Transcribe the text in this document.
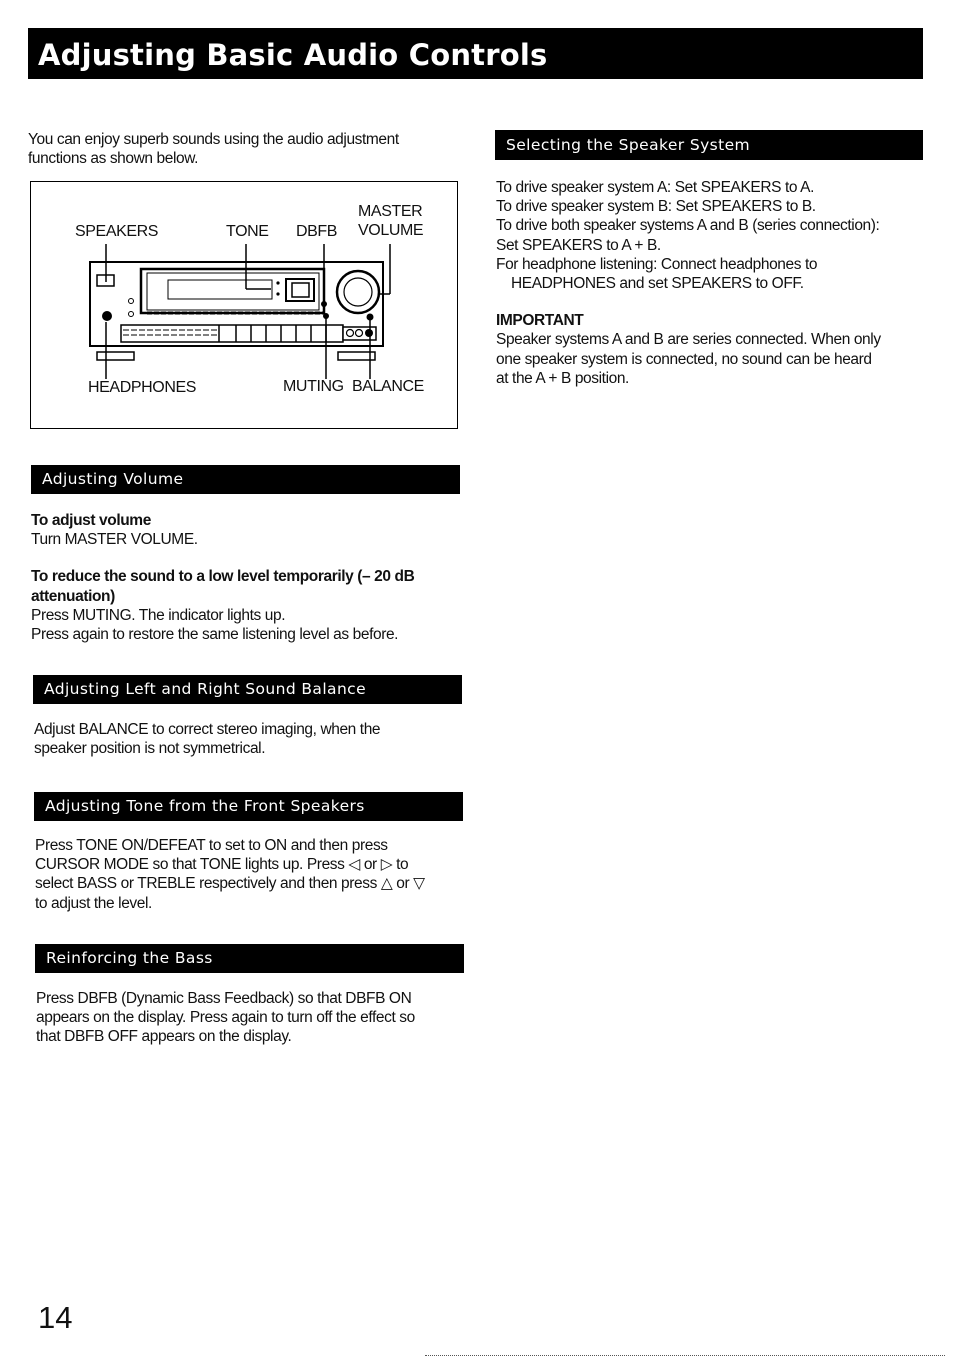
Adjusting Basic Audio Controls

You can enjoy superb sounds using the audio adjustment

functions as shown below.

SPEAKERS	TONE DBFB
MASTER
VOLUME
HEADPHONES	MUTING BALANCE
Adjusting Volume

To adjust volume

Turn MASTER VOLUME.

To reduce the sound to a low level temporarily (– 20 dB

attenuation)

Press MUTING. The indicator lights up.

Press again to restore the same listening level as before.

Adjusting Left and Right Sound Balance

Adjust BALANCE to correct stereo imaging, when the

speaker position is not symmetrical.

Adjusting Tone from the Front Speakers

Press TONE ON/DEFEAT to set to ON and then press

CURSOR MODE so that TONE lights up. Press ◁ or ▷ to

select BASS or TREBLE respectively and then press △ or ▽

to adjust the level.

Reinforcing the Bass

Press DBFB (Dynamic Bass Feedback) so that DBFB ON

appears on the display. Press again to turn off the effect so

that DBFB OFF appears on the display.

Selecting the Speaker System

To drive speaker system A: Set SPEAKERS to A.

To drive speaker system B: Set SPEAKERS to B.

To drive both speaker systems A and B (series connection):

Set SPEAKERS to A + B.

For headphone listening: Connect headphones to

HEADPHONES and set SPEAKERS to OFF.

IMPORTANT

Speaker systems A and B are series connected. When only

one speaker system is connected, no sound can be heard

at the A + B position.

14
